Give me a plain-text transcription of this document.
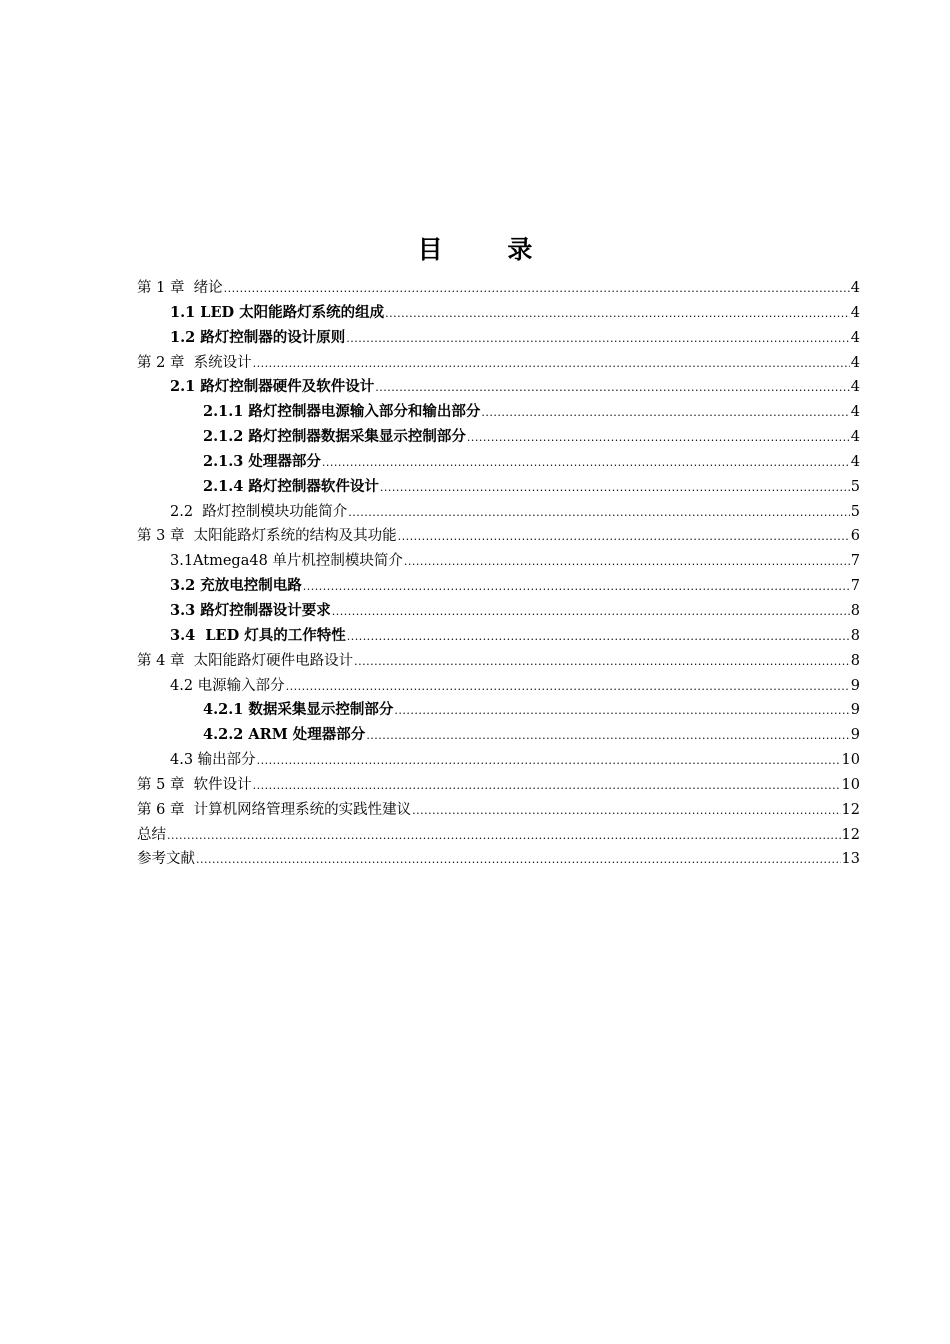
目 录
第 1 章  绪论 .....	4
1.1 LED 太阳能路灯系统的组成 .....	4
1.2 路灯控制器的设计原则 .....	4
第 2 章  系统设计 .....	4
2.1 路灯控制器硬件及软件设计 .....	4
2.1.1 路灯控制器电源输入部分和输出部分 .....	4
2.1.2 路灯控制器数据采集显示控制部分 .....	4
2.1.3 处理器部分 .....	4
2.1.4 路灯控制器软件设计 .....	5
2.2  路灯控制模块功能简介 .....	5
第 3 章  太阳能路灯系统的结构及其功能 .....	6
3.1Atmega48 单片机控制模块简介 .....	7
3.2 充放电控制电路 .....	7
3.3 路灯控制器设计要求 .....	8
3.4  LED 灯具的工作特性 .....	8
第 4 章  太阳能路灯硬件电路设计 .....	8
4.2 电源输入部分 .....	9
4.2.1 数据采集显示控制部分 .....	9
4.2.2 ARM 处理器部分 .....	9
4.3 输出部分 .....	10
第 5 章  软件设计 .....	10
第 6 章  计算机网络管理系统的实践性建议 .....	12
总结 .....	12
参考文献 .....	13
